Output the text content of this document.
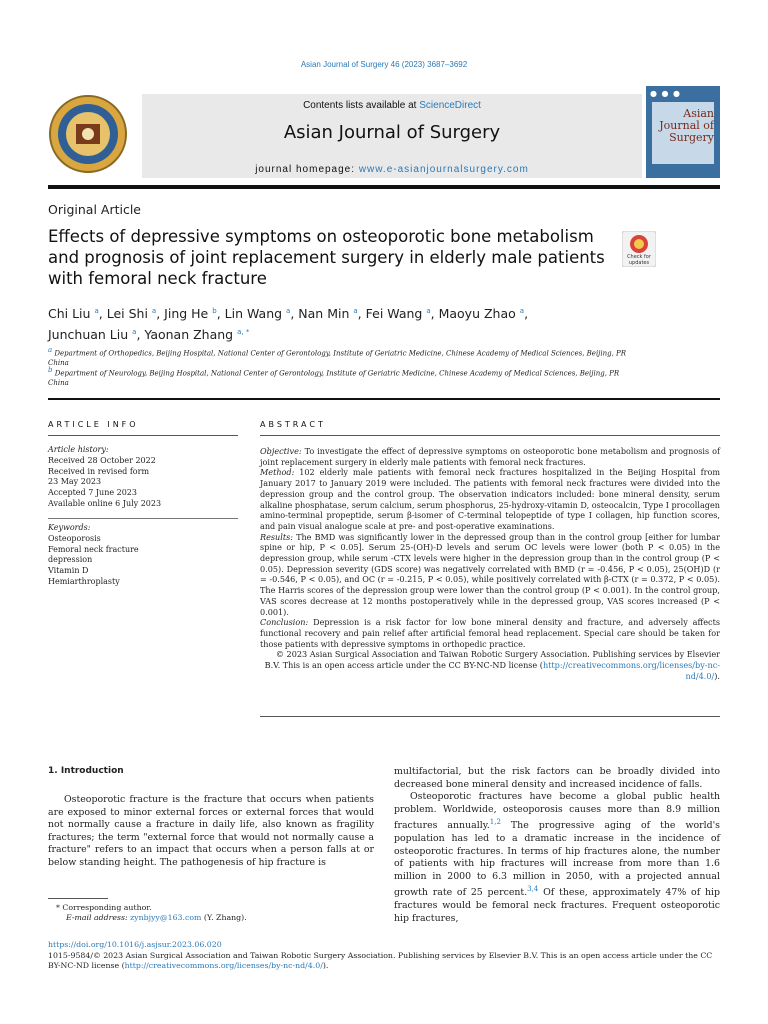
Asian Journal of Surgery 46 (2023) 3687–3692
Contents lists available at ScienceDirect
Asian Journal of Surgery
journal homepage: www.e-asianjournalsurgery.com
● ● ●
Asian Journal of Surgery
Original Article
Effects of depressive symptoms on osteoporotic bone metabolism and prognosis of joint replacement surgery in elderly male patients with femoral neck fracture
Check for
updates
Chi Liu $^a$, Lei Shi $^a$, Jing He $^b$, Lin Wang $^a$, Nan Min $^a$, Fei Wang $^a$, Maoyu Zhao $^a$,
Junchuan Liu $^a$, Yaonan Zhang $^{a, *}$
$^a$ Department of Orthopedics, Beijing Hospital, National Center of Gerontology, Institute of Geriatric Medicine, Chinese Academy of Medical Sciences, Beijing, PR China
$^b$ Department of Neurology, Beijing Hospital, National Center of Gerontology, Institute of Geriatric Medicine, Chinese Academy of Medical Sciences, Beijing, PR China
ARTICLE INFO	ABSTRACT
Article history:
Received 28 October 2022
Received in revised form
23 May 2023
Accepted 7 June 2023
Available online 6 July 2023
Keywords:
Osteoporosis
Femoral neck fracture
depression
Vitamin D
Hemiarthroplasty

Objective: To investigate the effect of depressive symptoms on osteoporotic bone metabolism and prognosis of joint replacement surgery in elderly male patients with femoral neck fractures.

Method: 102 elderly male patients with femoral neck fractures hospitalized in the Beijing Hospital from January 2017 to January 2019 were included. The patients with femoral neck fractures were divided into the depression group and the control group. The observation indicators included: bone mineral density, serum alkaline phosphatase, serum calcium, serum phosphorus, 25-hydroxy-vitamin D, osteocalcin, Type I procollagen amino-terminal propeptide, serum β-isomer of C-terminal telopeptide of type I collagen, hip function scores, and pain visual analogue scale at pre- and post-operative examinations.

Results: The BMD was significantly lower in the depressed group than in the control group [either for lumbar spine or hip, P < 0.05]. Serum 25-(OH)-D levels and serum OC levels were lower (both P < 0.05) in the depression group, while serum -CTX levels were higher in the depression group than in the control group (P < 0.05). Depression severity (GDS score) was negatively correlated with BMD (r = -0.456, P < 0.05), 25(OH)D (r = -0.546, P < 0.05), and OC (r = -0.215, P < 0.05), while positively correlated with β-CTX (r = 0.372, P < 0.05). The Harris scores of the depression group were lower than the control group (P < 0.001). In the control group, VAS scores decrease at 12 months postoperatively while in the depressed group, VAS scores increased (P < 0.001).

Conclusion: Depression is a risk factor for low bone mineral density and fracture, and adversely affects functional recovery and pain relief after artificial femoral head replacement. Special care should be taken for those patients with depressive symptoms in orthopedic practice.

© 2023 Asian Surgical Association and Taiwan Robotic Surgery Association. Publishing services by Elsevier B.V. This is an open access article under the CC BY-NC-ND license (http://creativecommons.org/licenses/by-nc-nd/4.0/).

1. Introduction

Osteoporotic fracture is the fracture that occurs when patients are exposed to minor external forces or external forces that would not normally cause a fracture in daily life, also known as fragility fractures; the term "external force that would not normally cause a fracture" refers to an impact that occurs when a person falls at or below standing height. The pathogenesis of hip fracture is

multifactorial, but the risk factors can be broadly divided into decreased bone mineral density and increased incidence of falls.

Osteoporotic fractures have become a global public health problem. Worldwide, osteoporosis causes more than 8.9 million fractures annually.$^{1,2}$ The progressive aging of the world's population has led to a dramatic increase in the incidence of osteoporotic fractures. In terms of hip fractures alone, the number of patients with hip fractures will increase from more than 1.6 million in 2000 to 6.3 million in 2050, with a projected annual growth rate of 25 percent.$^{3,4}$ Of these, approximately 47% of hip fractures would be femoral neck fractures. Frequent osteoporotic hip fractures,

* Corresponding author.
E-mail address: zynbjyy@163.com (Y. Zhang).
https://doi.org/10.1016/j.asjsur.2023.06.020
1015-9584/© 2023 Asian Surgical Association and Taiwan Robotic Surgery Association. Publishing services by Elsevier B.V. This is an open access article under the CC BY-NC-ND license (http://creativecommons.org/licenses/by-nc-nd/4.0/).
